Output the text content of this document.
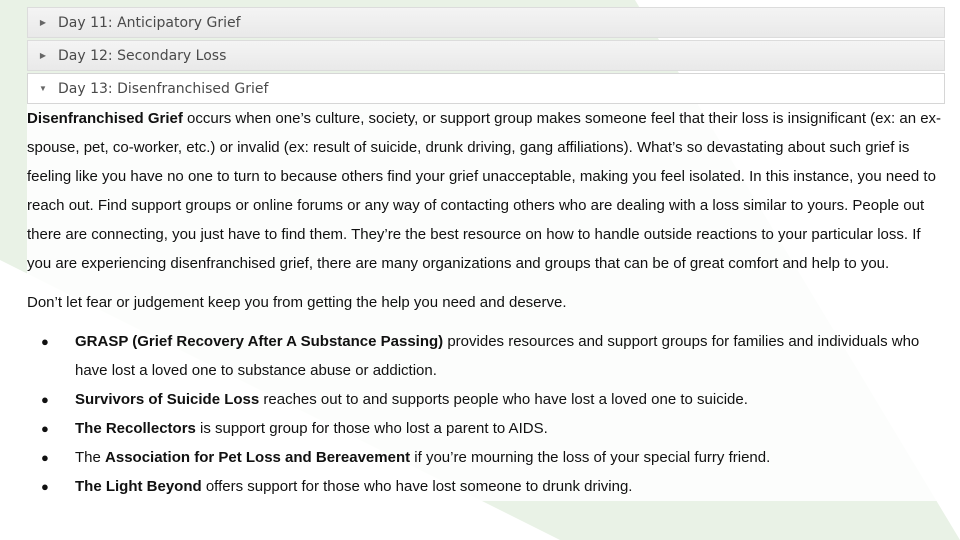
▶ Day 11: Anticipatory Grief
▶ Day 12: Secondary Loss
▼ Day 13: Disenfranchised Grief

Disenfranchised Grief occurs when one’s culture, society, or support group makes someone feel that their loss is insignificant (ex: an ex-spouse, pet, co-worker, etc.) or invalid (ex: result of suicide, drunk driving, gang affiliations). What’s so devastating about such grief is feeling like you have no one to turn to because others find your grief unacceptable, making you feel isolated. In this instance, you need to reach out. Find support groups or online forums or any way of contacting others who are dealing with a loss similar to yours. People out there are connecting, you just have to find them. They’re the best resource on how to handle outside reactions to your particular loss. If you are experiencing disenfranchised grief, there are many organizations and groups that can be of great comfort and help to you.

Don’t let fear or judgement keep you from getting the help you need and deserve.

● GRASP (Grief Recovery After A Substance Passing) provides resources and support groups for families and individuals who have lost a loved one to substance abuse or addiction.
● Survivors of Suicide Loss reaches out to and supports people who have lost a loved one to suicide.
● The Recollectors is support group for those who lost a parent to AIDS.
● The Association for Pet Loss and Bereavement if you’re mourning the loss of your special furry friend.
● The Light Beyond offers support for those who have lost someone to drunk driving.
